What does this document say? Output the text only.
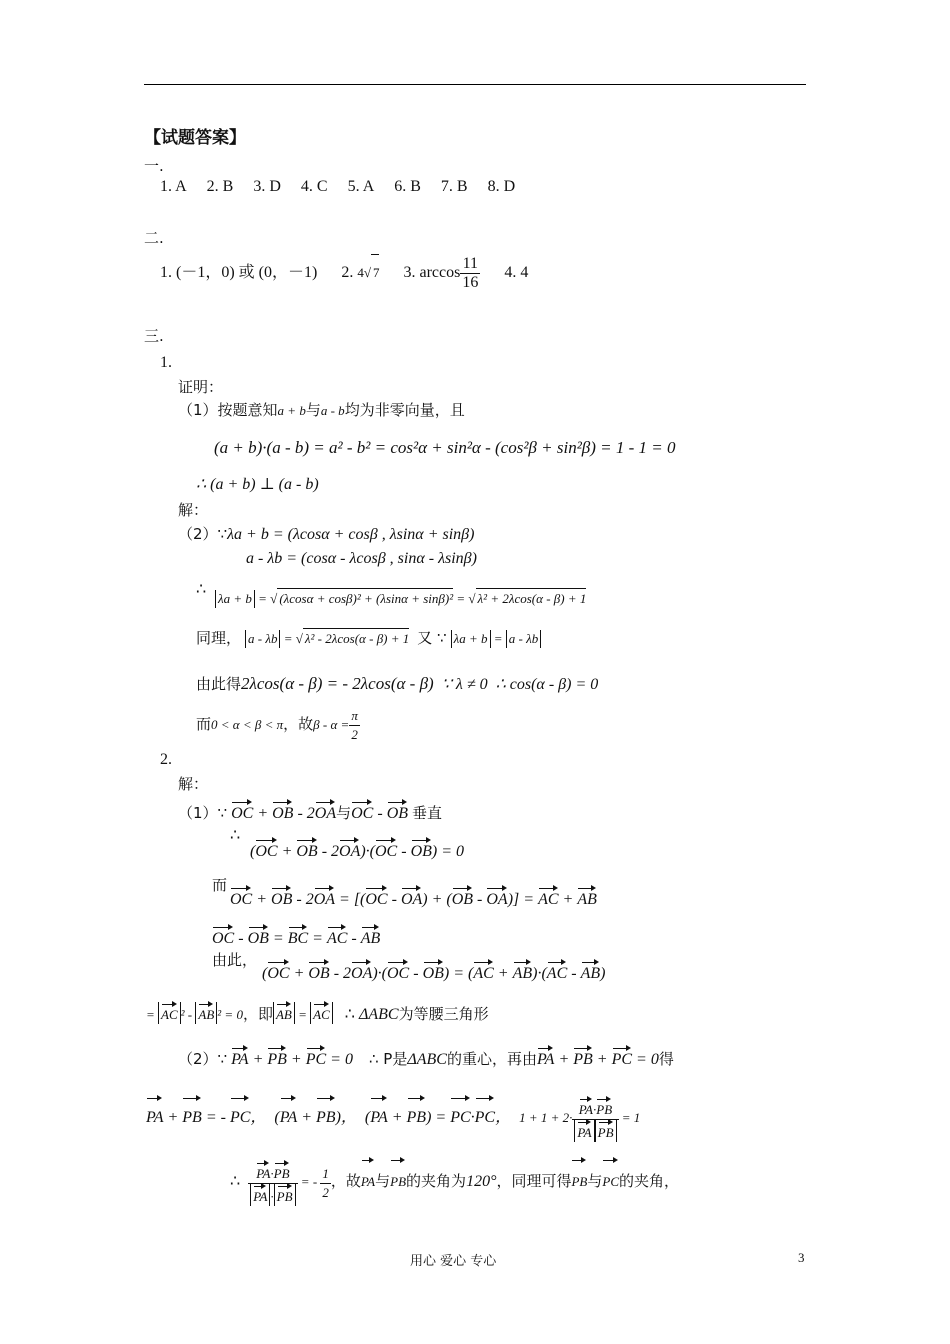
【试题答案】
一.
1. A 2. B 3. D 4. C 5. A 6. B 7. B 8. D
二.
1. (－1，0) 或 (0，－1) 2. 4√ 7 3. $\arccos \frac{11}{16} 4$. 4
三.
1.
证明：
（1）按题意知a + b与a - b均为非零向量，且
(a + b)·(a - b) = a² - b² = cos²α + sin²α - (cos²β + sin²β) = 1 - 1 = 0
∴ (a + b) ⊥ (a - b)
解：
（2）∵λa + b = (λcosα + cosβ , λsinα + sinβ)
a - λb = (cosα - λcosβ , sinα - λsinβ)
∴
λa + b = √ (λcosα + cosβ)² + (λsinα + sinβ)² = √ λ² + 2λcos(α - β) + 1
同理， a - λb = √ λ² - 2λcos(α - β) + 1 又 ∵ λa + b = a - λb
由此得2λcos(α - β) = - 2λcos(α - β) ∵ λ ≠ 0 ∴ cos(α - β) = 0
而0 < α < β < π，故$\beta - \alpha = \frac{\pi}{2}$
2.
解：
（1）∵ OC + OB - 2OA与OC - OB 垂直
∴
(OC + OB - 2OA)·(OC - OB) = 0
而
OC + OB - 2OA = [(OC - OA) + (OB - OA)] = AC + AB
OC - OB = BC = AC - AB
由此，
(OC + OB - 2OA)·(OC - OB) = (AC + AB)·(AC - AB)
= AC ² - AB ² = 0，即 AB = AC ∴ ΔABC为等腰三角形
（2）∵ PA + PB + PC = 0 ∴ P是ΔABC的重心，再由PA + PB + PC = 0得
PA + PB = - PC，  (PA + PB)，  (PA + PB) = PC·PC，  $1 + 1 + 2\cdot \frac{PA\cdot PB}{\text{PA PB}} = 1$
∴ $\frac{PA\cdot PB}{PA \cdot PB}$ = - $\frac{1}{2}$ ，故PA与PB的夹角为120°，同理可得PB与PC的夹角，
用心 爱心 专心	3
